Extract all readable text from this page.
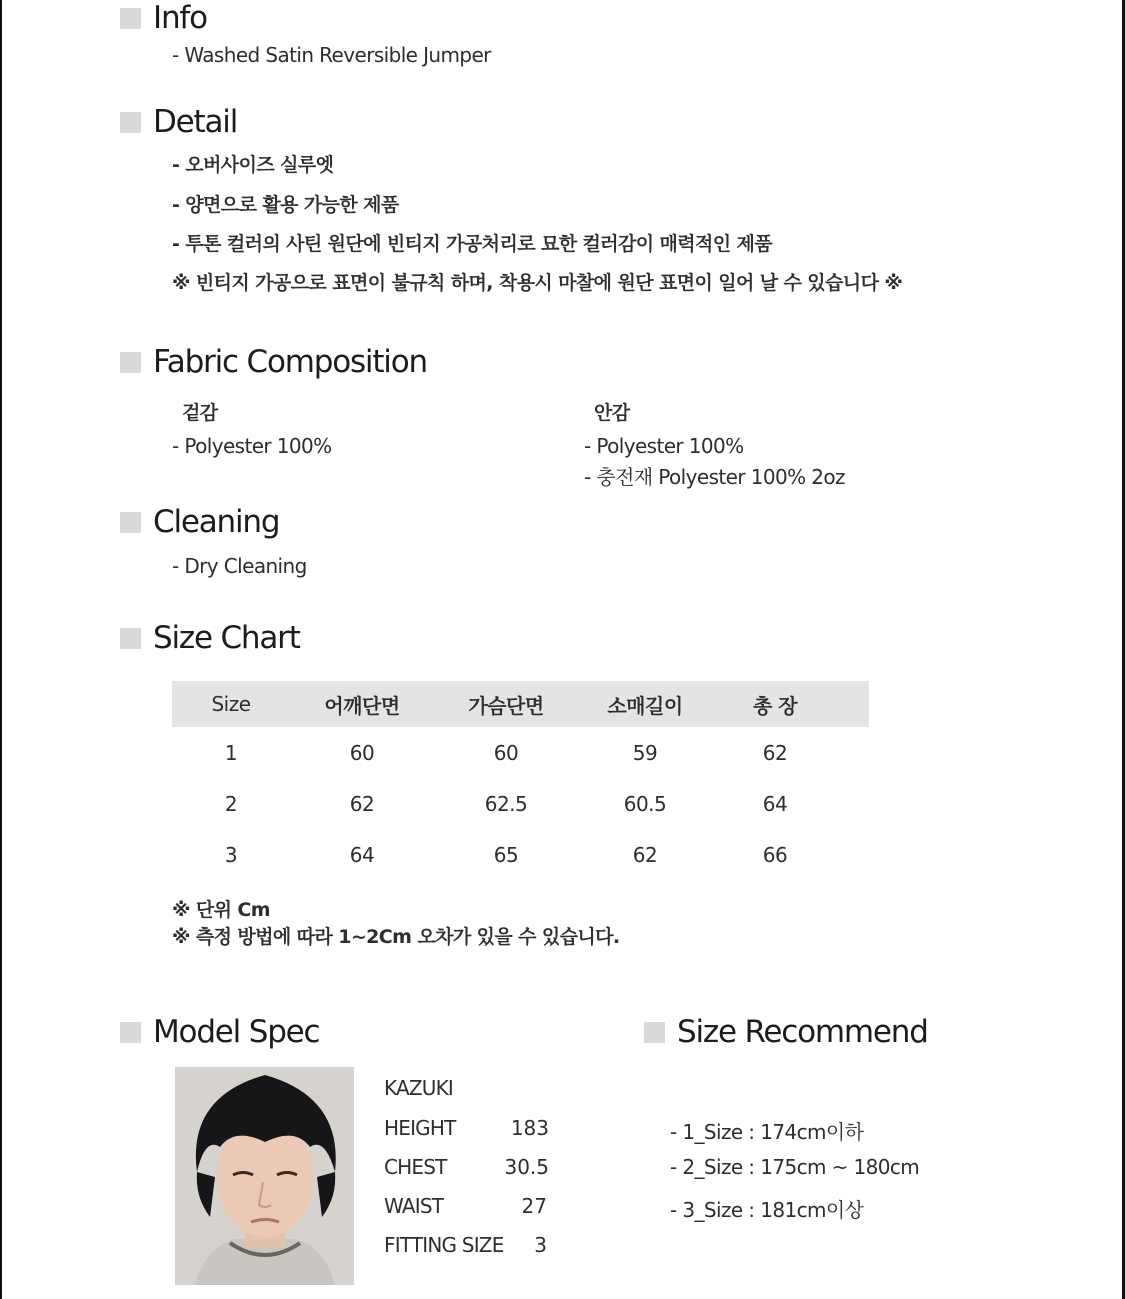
Info
- Washed Satin Reversible Jumper
Detail
- 오버사이즈 실루엣
- 양면으로 활용 가능한 제품
- 투톤 컬러의 사틴 원단에 빈티지 가공처리로 묘한 컬러감이 매력적인 제품
※ 빈티지 가공으로 표면이 불규칙 하며, 착용시 마찰에 원단 표면이 일어 날 수 있습니다 ※
Fabric Composition
겉감
- Polyester 100%
안감
- Polyester 100%
- 충전재 Polyester 100% 2oz
Cleaning
- Dry Cleaning
Size Chart
Size	어깨단면	가슴단면	소매길이	총 장
1	60	60	59	62
2	62	62.5	60.5	64
3	64	65	62	66
※ 단위 Cm
※ 측정 방법에 따라 1~2Cm 오차가 있을 수 있습니다.
Model Spec
KAZUKI
HEIGHT	183
CHEST	30.5
WAIST	27
FITTING SIZE	3
Size Recommend
- 1_Size : 174cm이하
- 2_Size : 175cm ~ 180cm
- 3_Size : 181cm이상
